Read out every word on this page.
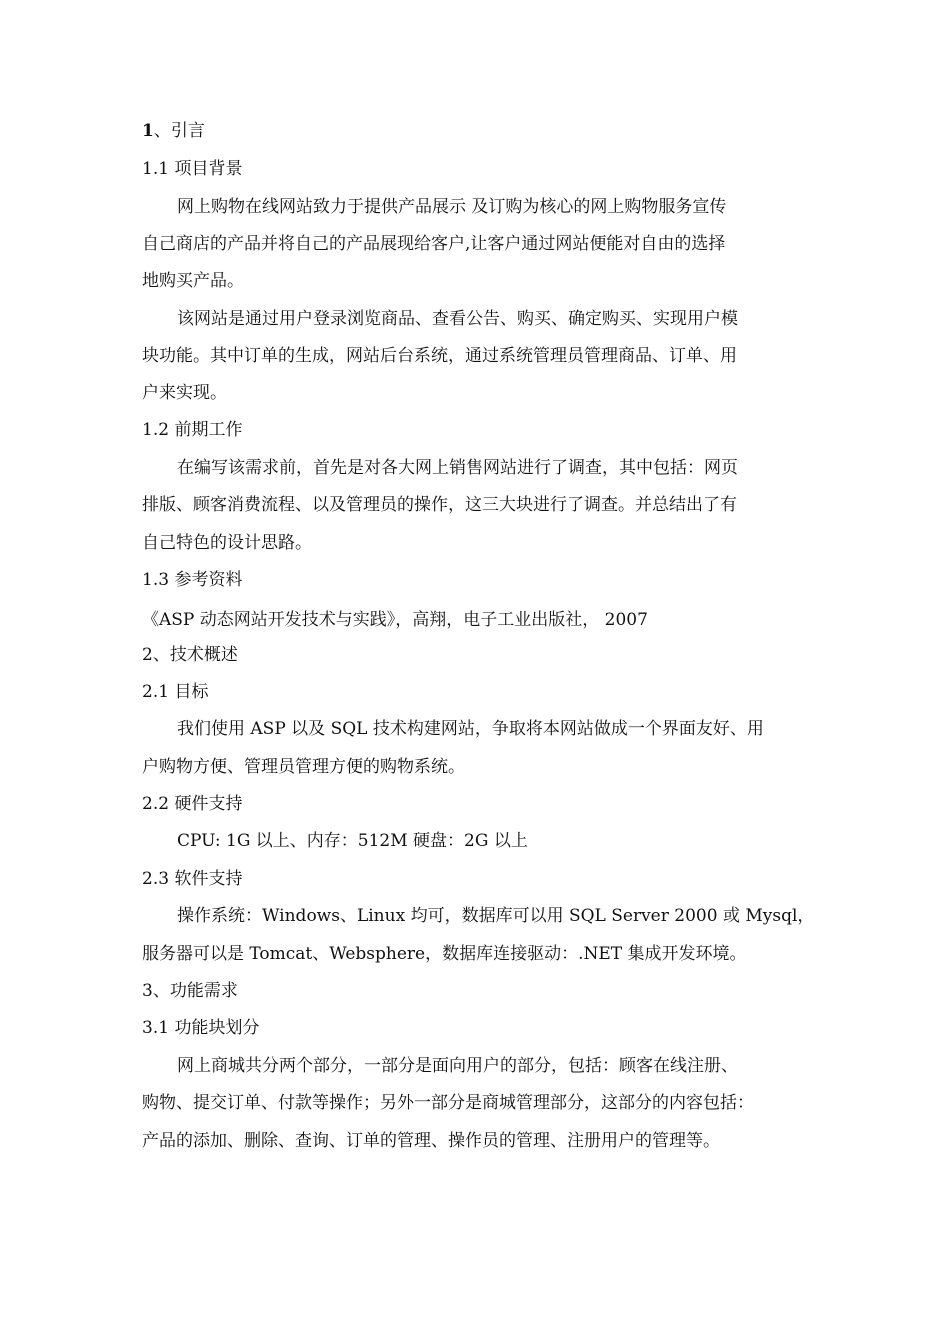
1、引言

1.1 项目背景

网上购物在线网站致力于提供产品展示 及订购为核心的网上购物服务宣传

自己商店的产品并将自己的产品展现给客户,让客户通过网站便能对自由的选择

地购买产品。

该网站是通过用户登录浏览商品、查看公告、购买、确定购买、实现用户模

块功能。其中订单的生成，网站后台系统，通过系统管理员管理商品、订单、用

户来实现。

1.2 前期工作

在编写该需求前，首先是对各大网上销售网站进行了调查，其中包括：网页

排版、顾客消费流程、以及管理员的操作，这三大块进行了调查。并总结出了有

自己特色的设计思路。

1.3 参考资料

《ASP 动态网站开发技术与实践》，高翔，电子工业出版社， 2007

2、技术概述

2.1 目标

我们使用 ASP 以及 SQL 技术构建网站，争取将本网站做成一个界面友好、用

户购物方便、管理员管理方便的购物系统。

2.2 硬件支持

CPU: 1G 以上、内存：512M 硬盘：2G 以上

2.3 软件支持

操作系统：Windows、Linux 均可，数据库可以用 SQL Server 2000 或 Mysql，

服务器可以是 Tomcat、Websphere，数据库连接驱动：.NET 集成开发环境。

3、功能需求

3.1 功能块划分

网上商城共分两个部分，一部分是面向用户的部分，包括：顾客在线注册、

购物、提交订单、付款等操作；另外一部分是商城管理部分，这部分的内容包括：

产品的添加、删除、查询、订单的管理、操作员的管理、注册用户的管理等。
